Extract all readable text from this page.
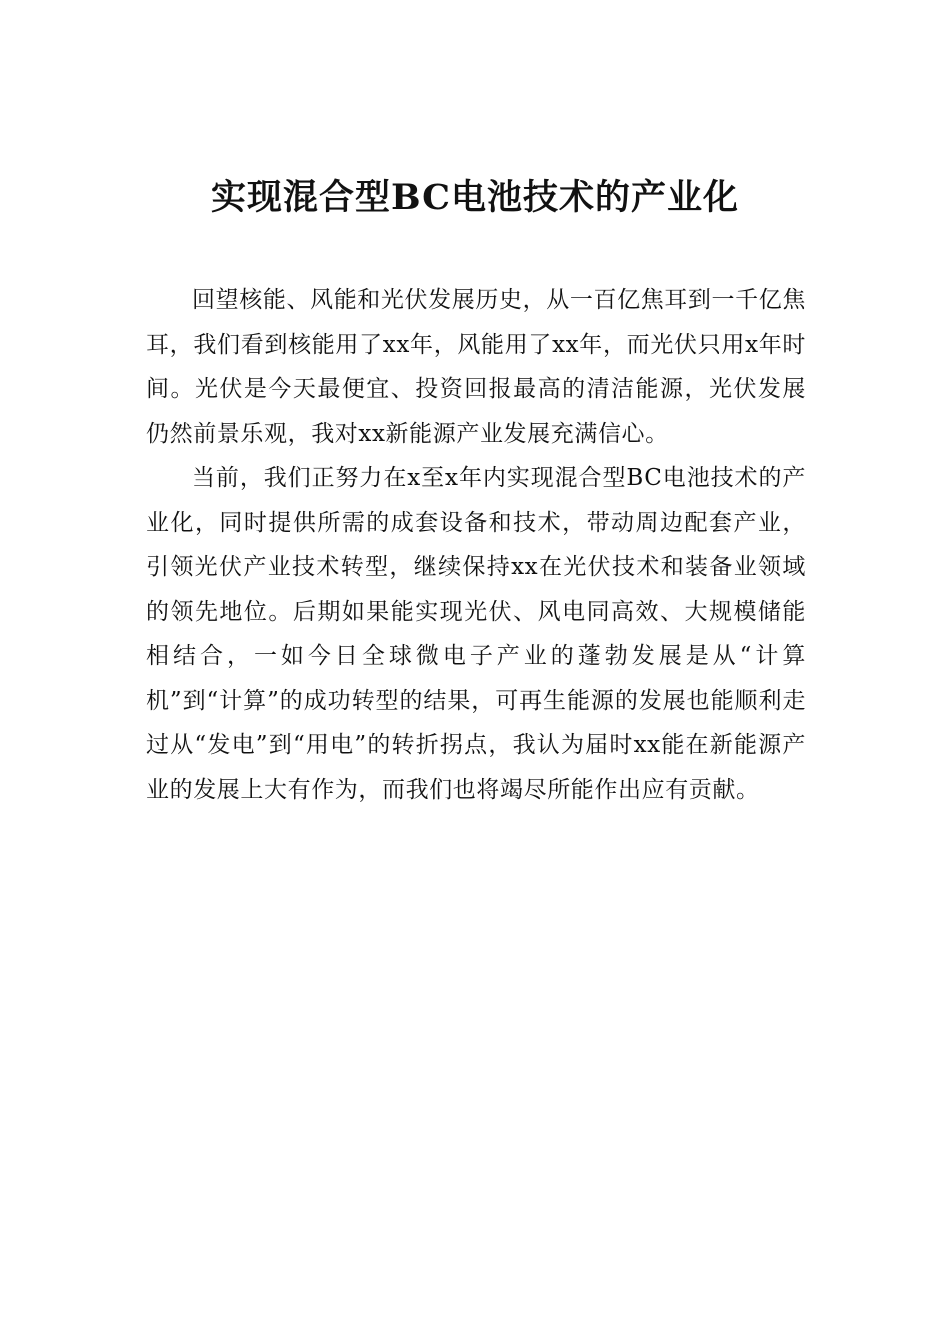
实现混合型BC电池技术的产业化

回望核能、风能和光伏发展历史，从一百亿焦耳到一千亿焦耳，我们看到核能用了xx年，风能用了xx年，而光伏只用x年时间。光伏是今天最便宜、投资回报最高的清洁能源，光伏发展仍然前景乐观，我对xx新能源产业发展充满信心。

当前，我们正努力在x至x年内实现混合型BC电池技术的产业化，同时提供所需的成套设备和技术，带动周边配套产业，引领光伏产业技术转型，继续保持xx在光伏技术和装备业领域的领先地位。后期如果能实现光伏、风电同高效、大规模储能相结合，一如今日全球微电子产业的蓬勃发展是从“计算机”到“计算”的成功转型的结果，可再生能源的发展也能顺利走过从“发电”到“用电”的转折拐点，我认为届时xx能在新能源产业的发展上大有作为，而我们也将竭尽所能作出应有贡献。
